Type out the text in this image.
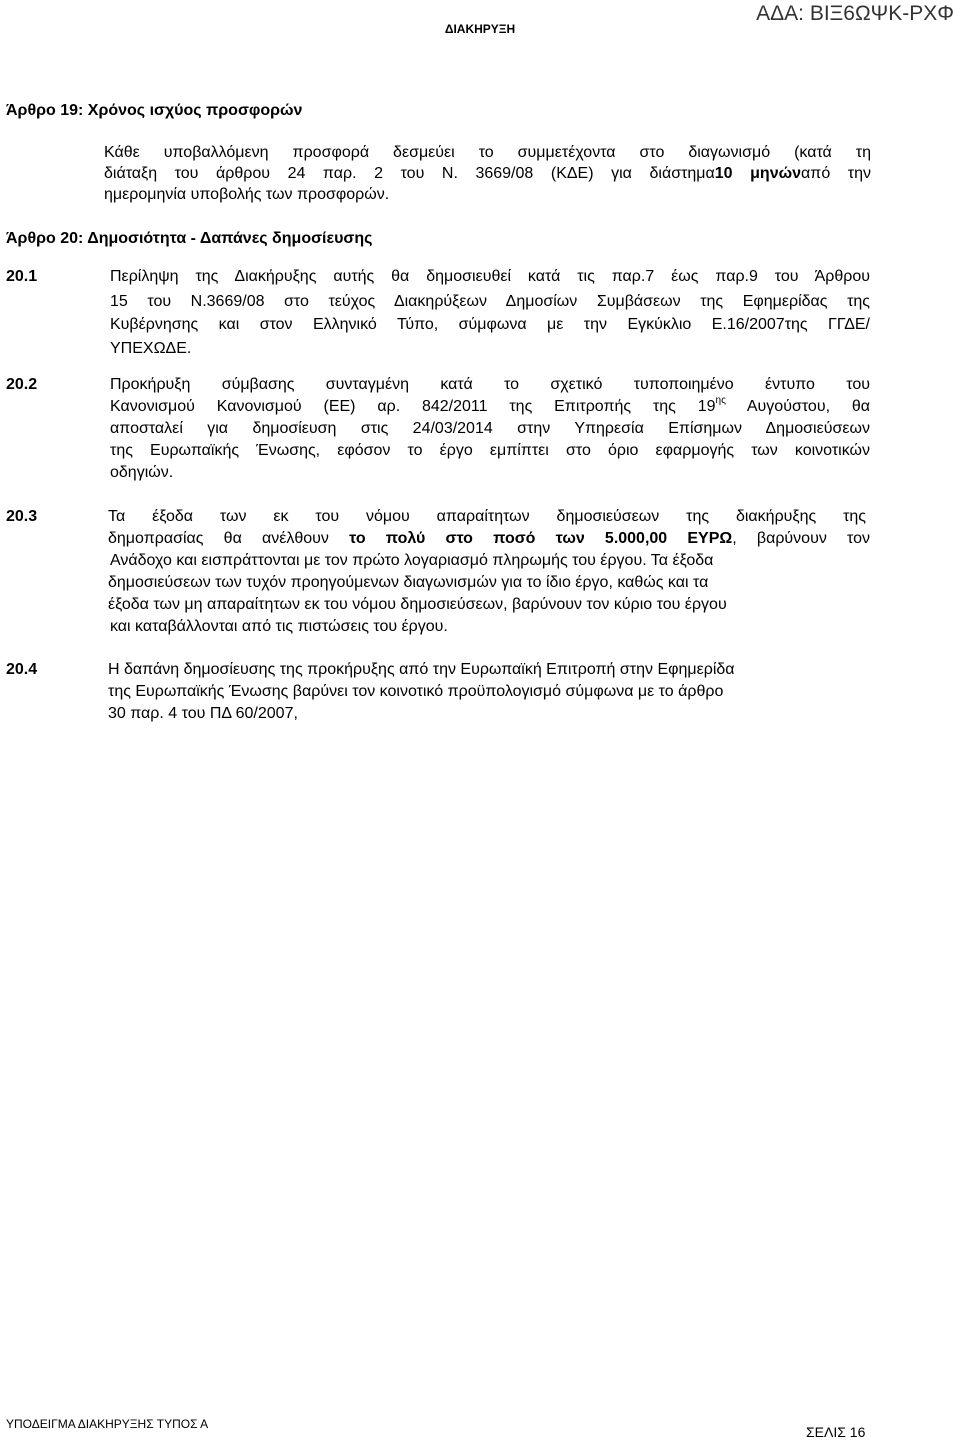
ΔΙΑΚΗΡΥΞΗ
ΑΔΑ: ΒΙΞ6ΩΨΚ-ΡΧΦ
Άρθρο 19: Χρόνος ισχύος προσφορών
Κάθε υποβαλλόμενη προσφορά δεσμεύει το συμμετέχοντα στο διαγωνισμό (κατά τη
διάταξη του άρθρου 24 παρ. 2 του Ν. 3669/08 (ΚΔΕ) για διάστημα10 μηνώναπό την
ημερομηνία υποβολής των προσφορών.
Άρθρο 20: Δημοσιότητα - Δαπάνες δημοσίευσης
20.1	Περίληψη της Διακήρυξης αυτής θα δημοσιευθεί κατά τις παρ.7 έως παρ.9 του Άρθρου
15 του Ν.3669/08 στο τεύχος Διακηρύξεων Δημοσίων Συμβάσεων της Εφημερίδας της
Κυβέρνησης και στον Ελληνικό Τύπο, σύμφωνα με την Εγκύκλιο Ε.16/2007της ΓΓΔΕ/
ΥΠΕΧΩΔΕ.
20.2	Προκήρυξη σύμβασης συνταγμένη κατά το σχετικό τυποποιημένο έντυπο του
Κανονισμού Κανονισμού (ΕΕ) αρ. 842/2011 της Επιτροπής της $19^{\eta\varsigma}$ Αυγούστου, θα
αποσταλεί για δημοσίευση στις 24/03/2014 στην Υπηρεσία Επίσημων Δημοσιεύσεων
της Ευρωπαϊκής Ένωσης, εφόσον το έργο εμπίπτει στο όριο εφαρμογής των κοινοτικών
οδηγιών.
20.3	Τα έξοδα των εκ του νόμου απαραίτητων δημοσιεύσεων της διακήρυξης της
δημοπρασίας θα ανέλθουν το πολύ στο ποσό των 5.000,00 ΕΥΡΩ, βαρύνουν τον
Ανάδοχο και εισπράττονται με τον πρώτο λογαριασμό πληρωμής του έργου. Τα έξοδα
δημοσιεύσεων των τυχόν προηγούμενων διαγωνισμών για το ίδιο έργο, καθώς και τα
έξοδα των μη απαραίτητων εκ του νόμου δημοσιεύσεων, βαρύνουν τον κύριο του έργου
και καταβάλλονται από τις πιστώσεις του έργου.
20.4	Η δαπάνη δημοσίευσης της προκήρυξης από την Ευρωπαϊκή Επιτροπή στην Εφημερίδα
της Ευρωπαϊκής Ένωσης βαρύνει τον κοινοτικό προϋπολογισμό σύμφωνα με το άρθρο
30 παρ. 4 του ΠΔ 60/2007,
ΥΠΟΔΕΙΓΜΑ ΔΙΑΚΗΡΥΞΗΣ ΤΥΠΟΣ Α	ΣΕΛΙΣ 16
